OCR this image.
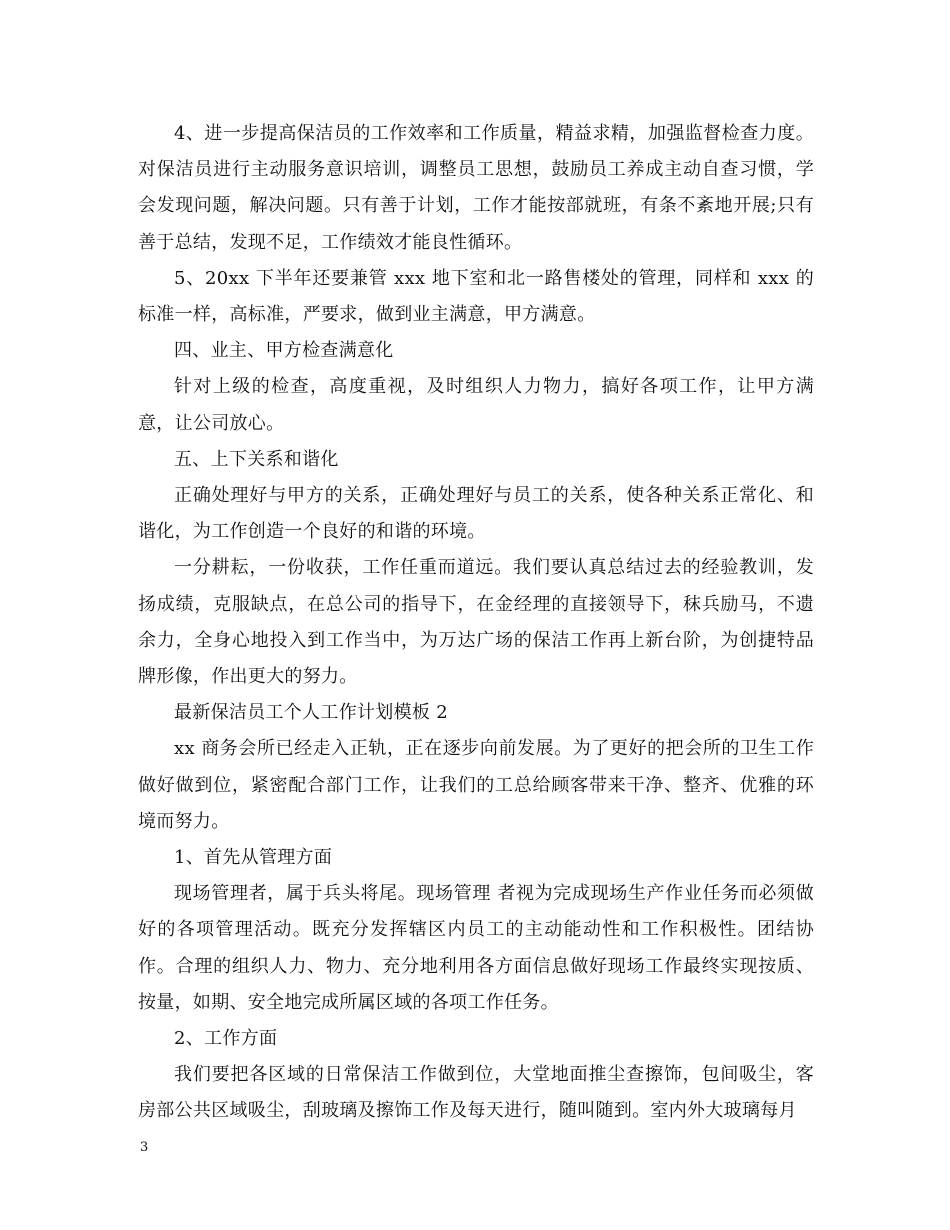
4、进一步提高保洁员的工作效率和工作质量，精益求精，加强监督检查力度。对保洁员进行主动服务意识培训，调整员工思想，鼓励员工养成主动自查习惯，学会发现问题，解决问题。只有善于计划，工作才能按部就班，有条不紊地开展;只有善于总结，发现不足，工作绩效才能良性循环。

5、20xx 下半年还要兼管 xxx 地下室和北一路售楼处的管理，同样和 xxx 的标准一样，高标准，严要求，做到业主满意，甲方满意。

四、业主、甲方检查满意化

针对上级的检查，高度重视，及时组织人力物力，搞好各项工作，让甲方满意，让公司放心。

五、上下关系和谐化

正确处理好与甲方的关系，正确处理好与员工的关系，使各种关系正常化、和谐化，为工作创造一个良好的和谐的环境。

一分耕耘，一份收获，工作任重而道远。我们要认真总结过去的经验教训，发扬成绩，克服缺点，在总公司的指导下，在金经理的直接领导下，秣兵励马，不遗余力，全身心地投入到工作当中，为万达广场的保洁工作再上新台阶，为创捷特品牌形像，作出更大的努力。

最新保洁员工个人工作计划模板 2

xx 商务会所已经走入正轨，正在逐步向前发展。为了更好的把会所的卫生工作做好做到位，紧密配合部门工作，让我们的工总给顾客带来干净、整齐、优雅的环境而努力。

1、首先从管理方面

现场管理者，属于兵头将尾。现场管理 者视为完成现场生产作业任务而必须做好的各项管理活动。既充分发挥辖区内员工的主动能动性和工作积极性。团结协作。合理的组织人力、物力、充分地利用各方面信息做好现场工作最终实现按质、按量，如期、安全地完成所属区域的各项工作任务。

2、工作方面

我们要把各区域的日常保洁工作做到位，大堂地面推尘查擦饰，包间吸尘，客房部公共区域吸尘，刮玻璃及擦饰工作及每天进行，随叫随到。室内外大玻璃每月

3
